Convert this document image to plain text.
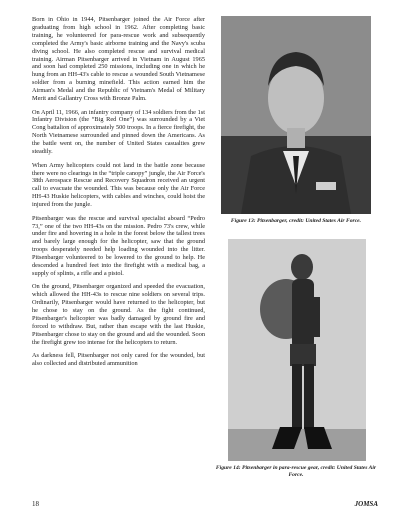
Born in Ohio in 1944, Pitsenbarger joined the Air Force after graduating from high school in 1962. After completing basic training, he volunteered for para-rescue work and subsequently completed the Army's basic airborne training and the Navy's scuba diving school. He also completed rescue and survival medical training. Airman Pitsenbarger arrived in Vietnam in August 1965 and soon had completed 250 missions, including one in which he hung from an HH-43's cable to rescue a wounded South Vietnamese soldier from a burning minefield. This action earned him the Airman's Medal and the Republic of Vietnam's Medal of Military Merit and Gallantry Cross with Bronze Palm.

On April 11, 1966, an infantry company of 134 soldiers from the 1st Infantry Division (the “Big Red One”) was surrounded by a Viet Cong battalion of approximately 500 troops. In a fierce firefight, the North Vietnamese surrounded and pinned down the Americans. As the battle went on, the number of United States casualties grew steadily.

When Army helicopters could not land in the battle zone because there were no clearings in the “triple canopy” jungle, the Air Force's 38th Aerospace Rescue and Recovery Squadron received an urgent call to evacuate the wounded. This was because only the Air Force HH-43 Huskie helicopters, with cables and winches, could hoist the injured from the jungle.

Pitsenbarger was the rescue and survival specialist aboard “Pedro 73,” one of the two HH-43s on the mission. Pedro 73's crew, while under fire and hovering in a hole in the forest below the tallest trees and barely large enough for the helicopter, saw that the ground troops desperately needed help loading wounded into the litter. Pitsenbarger volunteered to be lowered to the ground to help. He descended a hundred feet into the firefight with a medical bag, a supply of splints, a rifle and a pistol.

On the ground, Pitsenbarger organized and speeded the evacuation, which allowed the HH-43s to rescue nine soldiers on several trips. Ordinarily, Pitsenbarger would have returned to the helicopter, but he chose to stay on the ground. As the fight continued, Pitsenbarger's helicopter was badly damaged by ground fire and forced to withdraw. But, rather than escape with the last Huskie, Pitsenbarger chose to stay on the ground and aid the wounded. Soon the firefight grew too intense for the helicopters to return.

As darkness fell, Pitsenbarger not only cared for the wounded, but also collected and distributed ammunition

Figure 13: Pitsenbarger, credit: United States Air Force.
Figure 14: Pitsenbarger in para-rescue gear, credit: United States Air Force.
18	JOMSA
